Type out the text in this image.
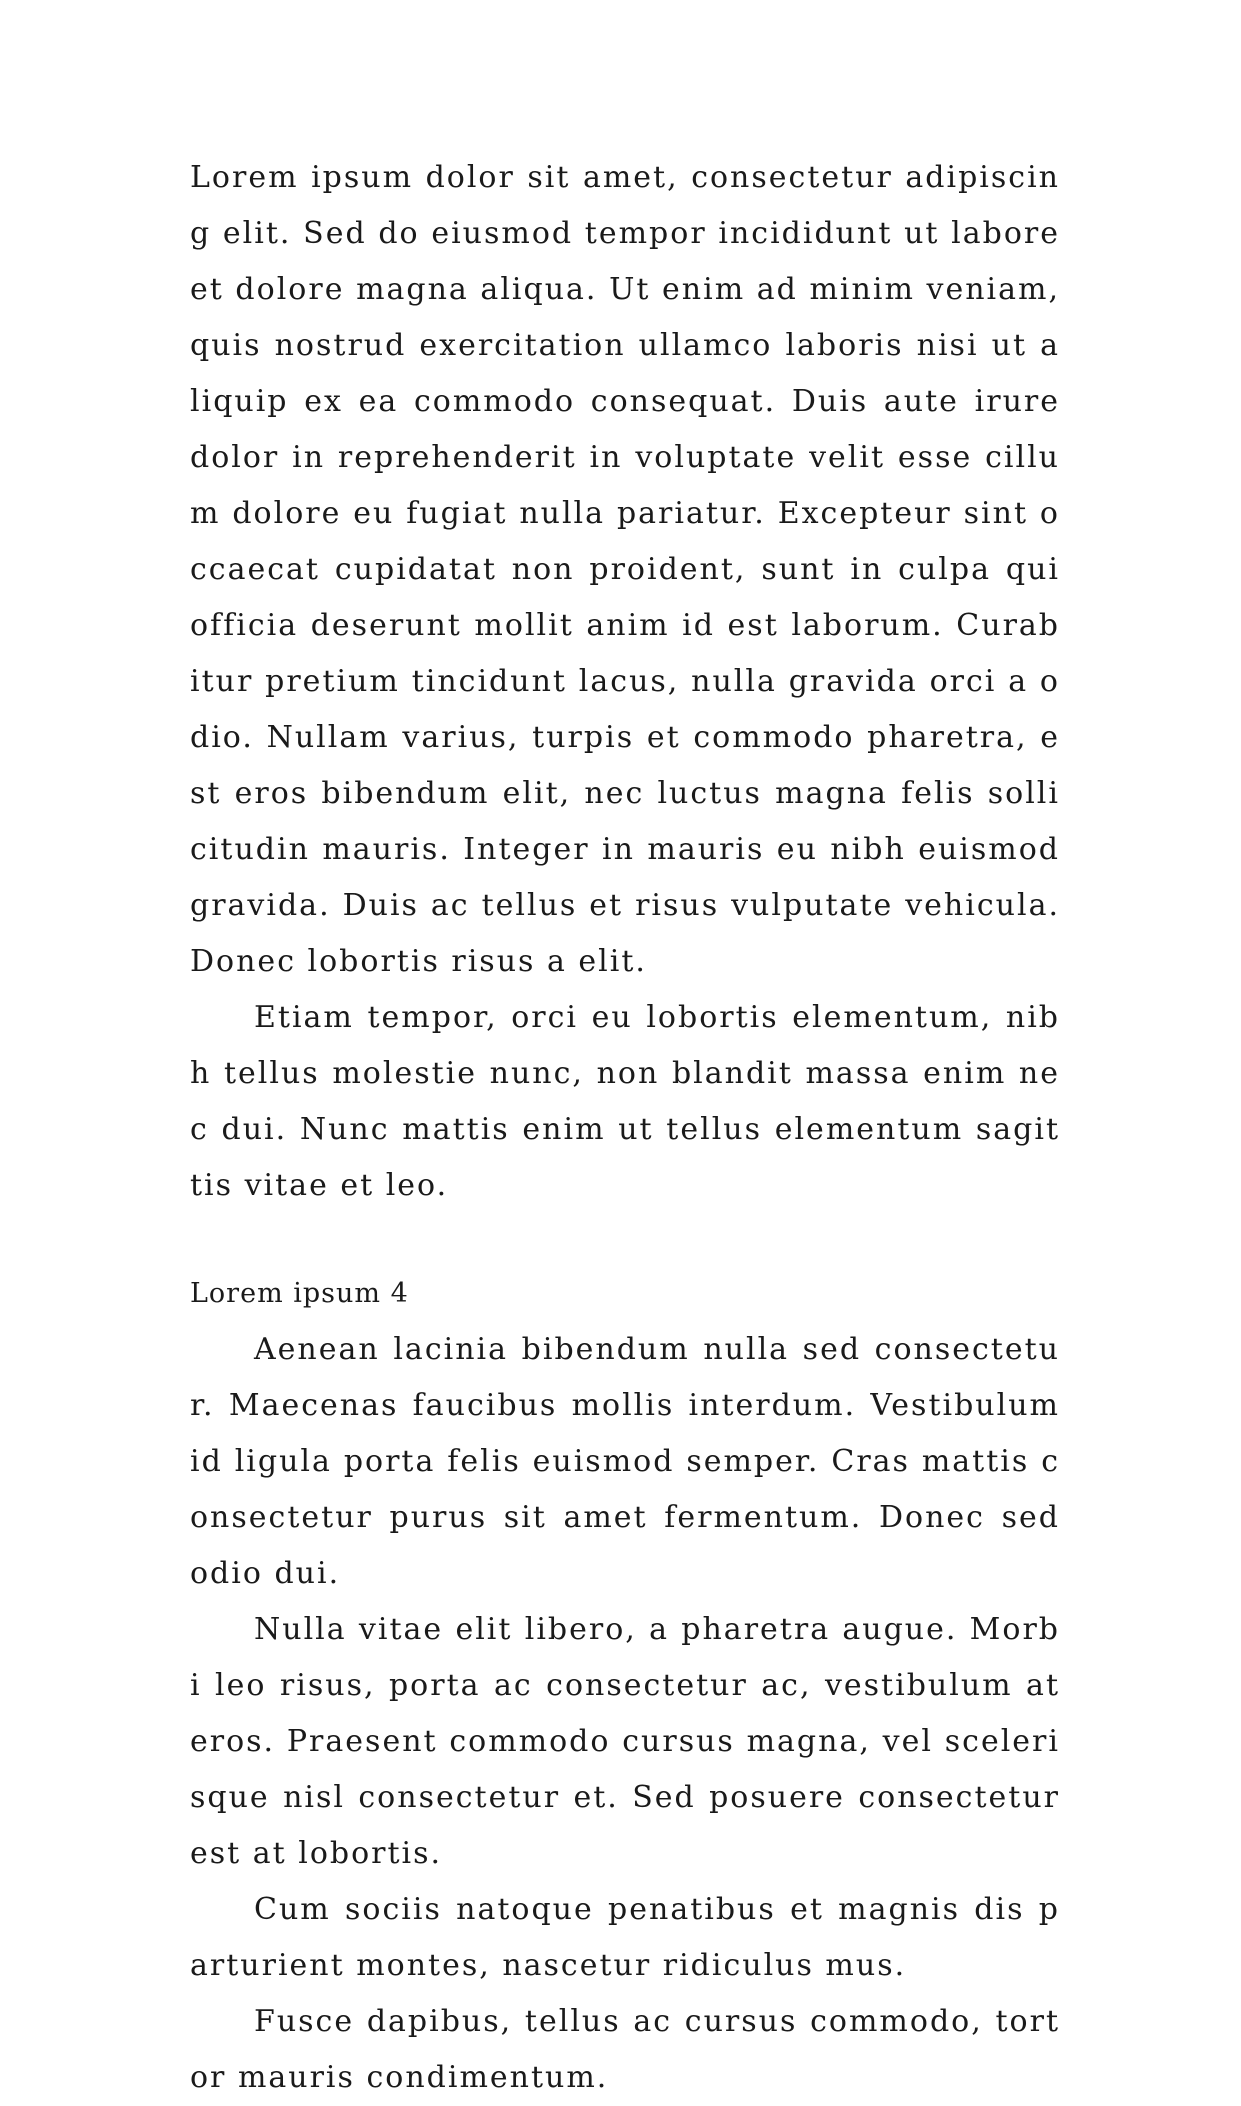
Lorem ipsum dolor sit amet, consectetur adipiscing elit. Sed do eiusmod tempor incididunt ut labore et dolore magna aliqua. Ut enim ad minim veniam, quis nostrud exercitation ullamco laboris nisi ut aliquip ex ea commodo consequat. Duis aute irure dolor in reprehenderit in voluptate velit esse cillum dolore eu fugiat nulla pariatur. Excepteur sint occaecat cupidatat non proident, sunt in culpa qui officia deserunt mollit anim id est laborum. Curabitur pretium tincidunt lacus, nulla gravida orci a odio. Nullam varius, turpis et commodo pharetra, est eros bibendum elit, nec luctus magna felis sollicitudin mauris. Integer in mauris eu nibh euismod gravida. Duis ac tellus et risus vulputate vehicula. Donec lobortis risus a elit.

Etiam tempor, orci eu lobortis elementum, nibh tellus molestie nunc, non blandit massa enim nec dui. Nunc mattis enim ut tellus elementum sagittis vitae et leo.

Lorem ipsum 4

Aenean lacinia bibendum nulla sed consectetur. Maecenas faucibus mollis interdum. Vestibulum id ligula porta felis euismod semper. Cras mattis consectetur purus sit amet fermentum. Donec sed odio dui.

Nulla vitae elit libero, a pharetra augue. Morbi leo risus, porta ac consectetur ac, vestibulum at eros. Praesent commodo cursus magna, vel scelerisque nisl consectetur et. Sed posuere consectetur est at lobortis.

Cum sociis natoque penatibus et magnis dis parturient montes, nascetur ridiculus mus.

Fusce dapibus, tellus ac cursus commodo, tortor mauris condimentum.
